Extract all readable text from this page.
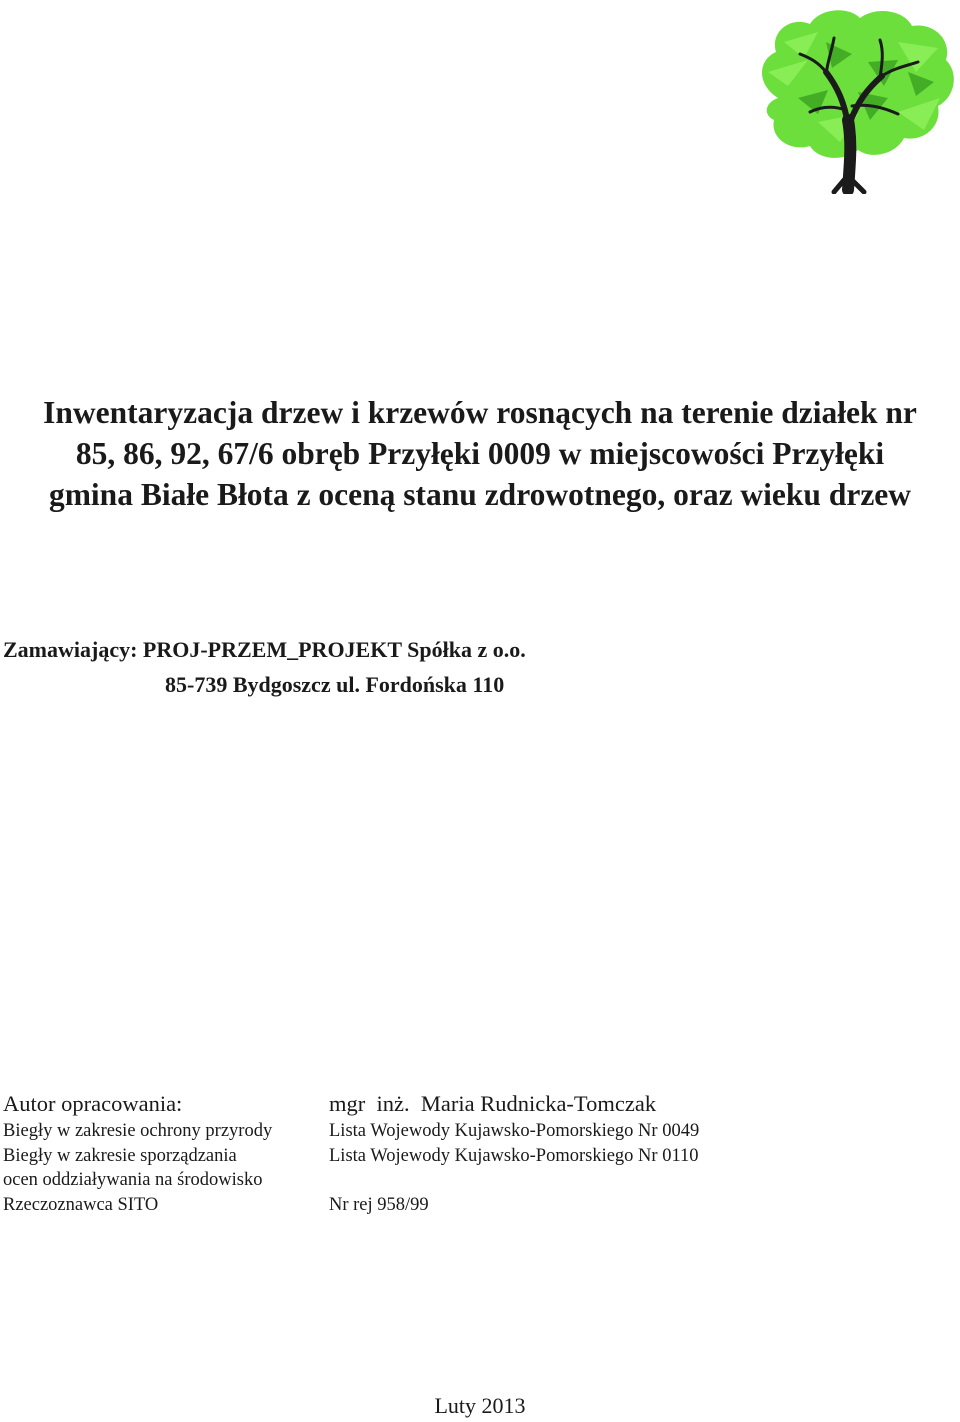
Inwentaryzacja drzew i krzewów rosnących na terenie działek nr
85, 86, 92, 67/6 obręb Przyłęki 0009 w miejscowości Przyłęki
gmina Białe Błota z oceną stanu zdrowotnego, oraz wieku drzew
Zamawiający: PROJ-PRZEM_PROJEKT Spółka z o.o.
85-739 Bydgoszcz ul. Fordońska 110
Autor opracowania:	mgr  inż.  Maria Rudnicka-Tomczak
Biegły w zakresie ochrony przyrody	Lista Wojewody Kujawsko-Pomorskiego Nr 0049
Biegły w zakresie sporządzania	Lista Wojewody Kujawsko-Pomorskiego Nr 0110
ocen oddziaływania na środowisko
Rzeczoznawca SITO	Nr rej 958/99
Luty 2013
